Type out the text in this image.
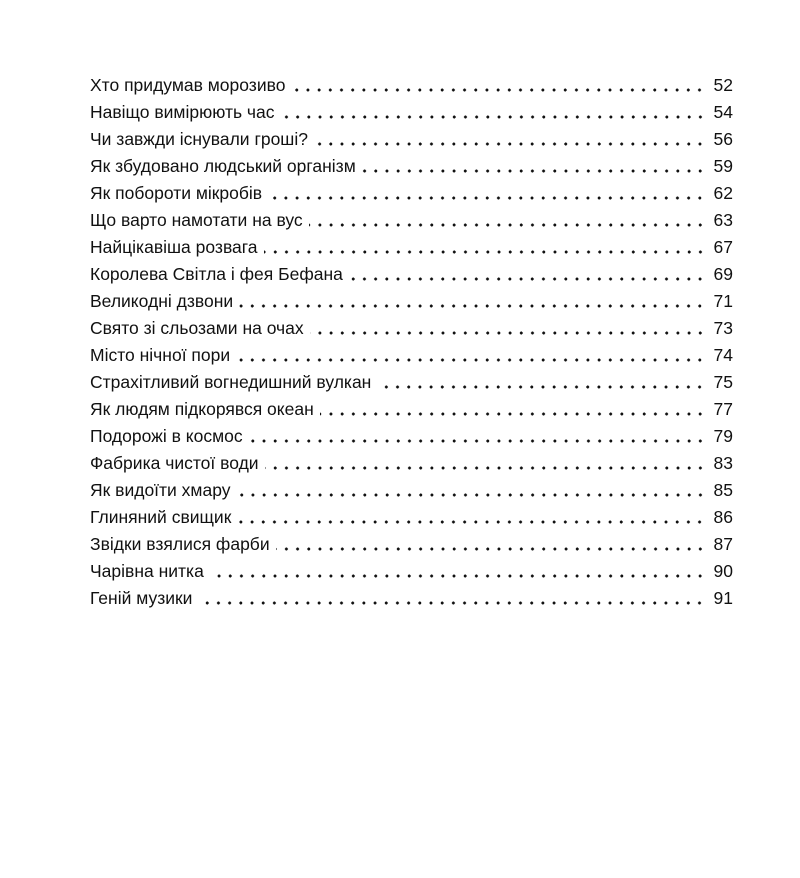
Хто придумав морозиво	52
Навіщо вимірюють час	54
Чи завжди існували гроші?	56
Як збудовано людський організм	59
Як побороти мікробів	62
Що варто намотати на вус	63
Найцікавіша розвага	67
Королева Світла і фея Бефана	69
Великодні дзвони	71
Свято зі сльозами на очах	73
Місто нічної пори	74
Страхітливий вогнедишний вулкан	75
Як людям підкорявся океан	77
Подорожі в космос	79
Фабрика чистої води	83
Як видоїти хмару	85
Глиняний свищик	86
Звідки взялися фарби	87
Чарівна нитка	90
Геній музики	91
